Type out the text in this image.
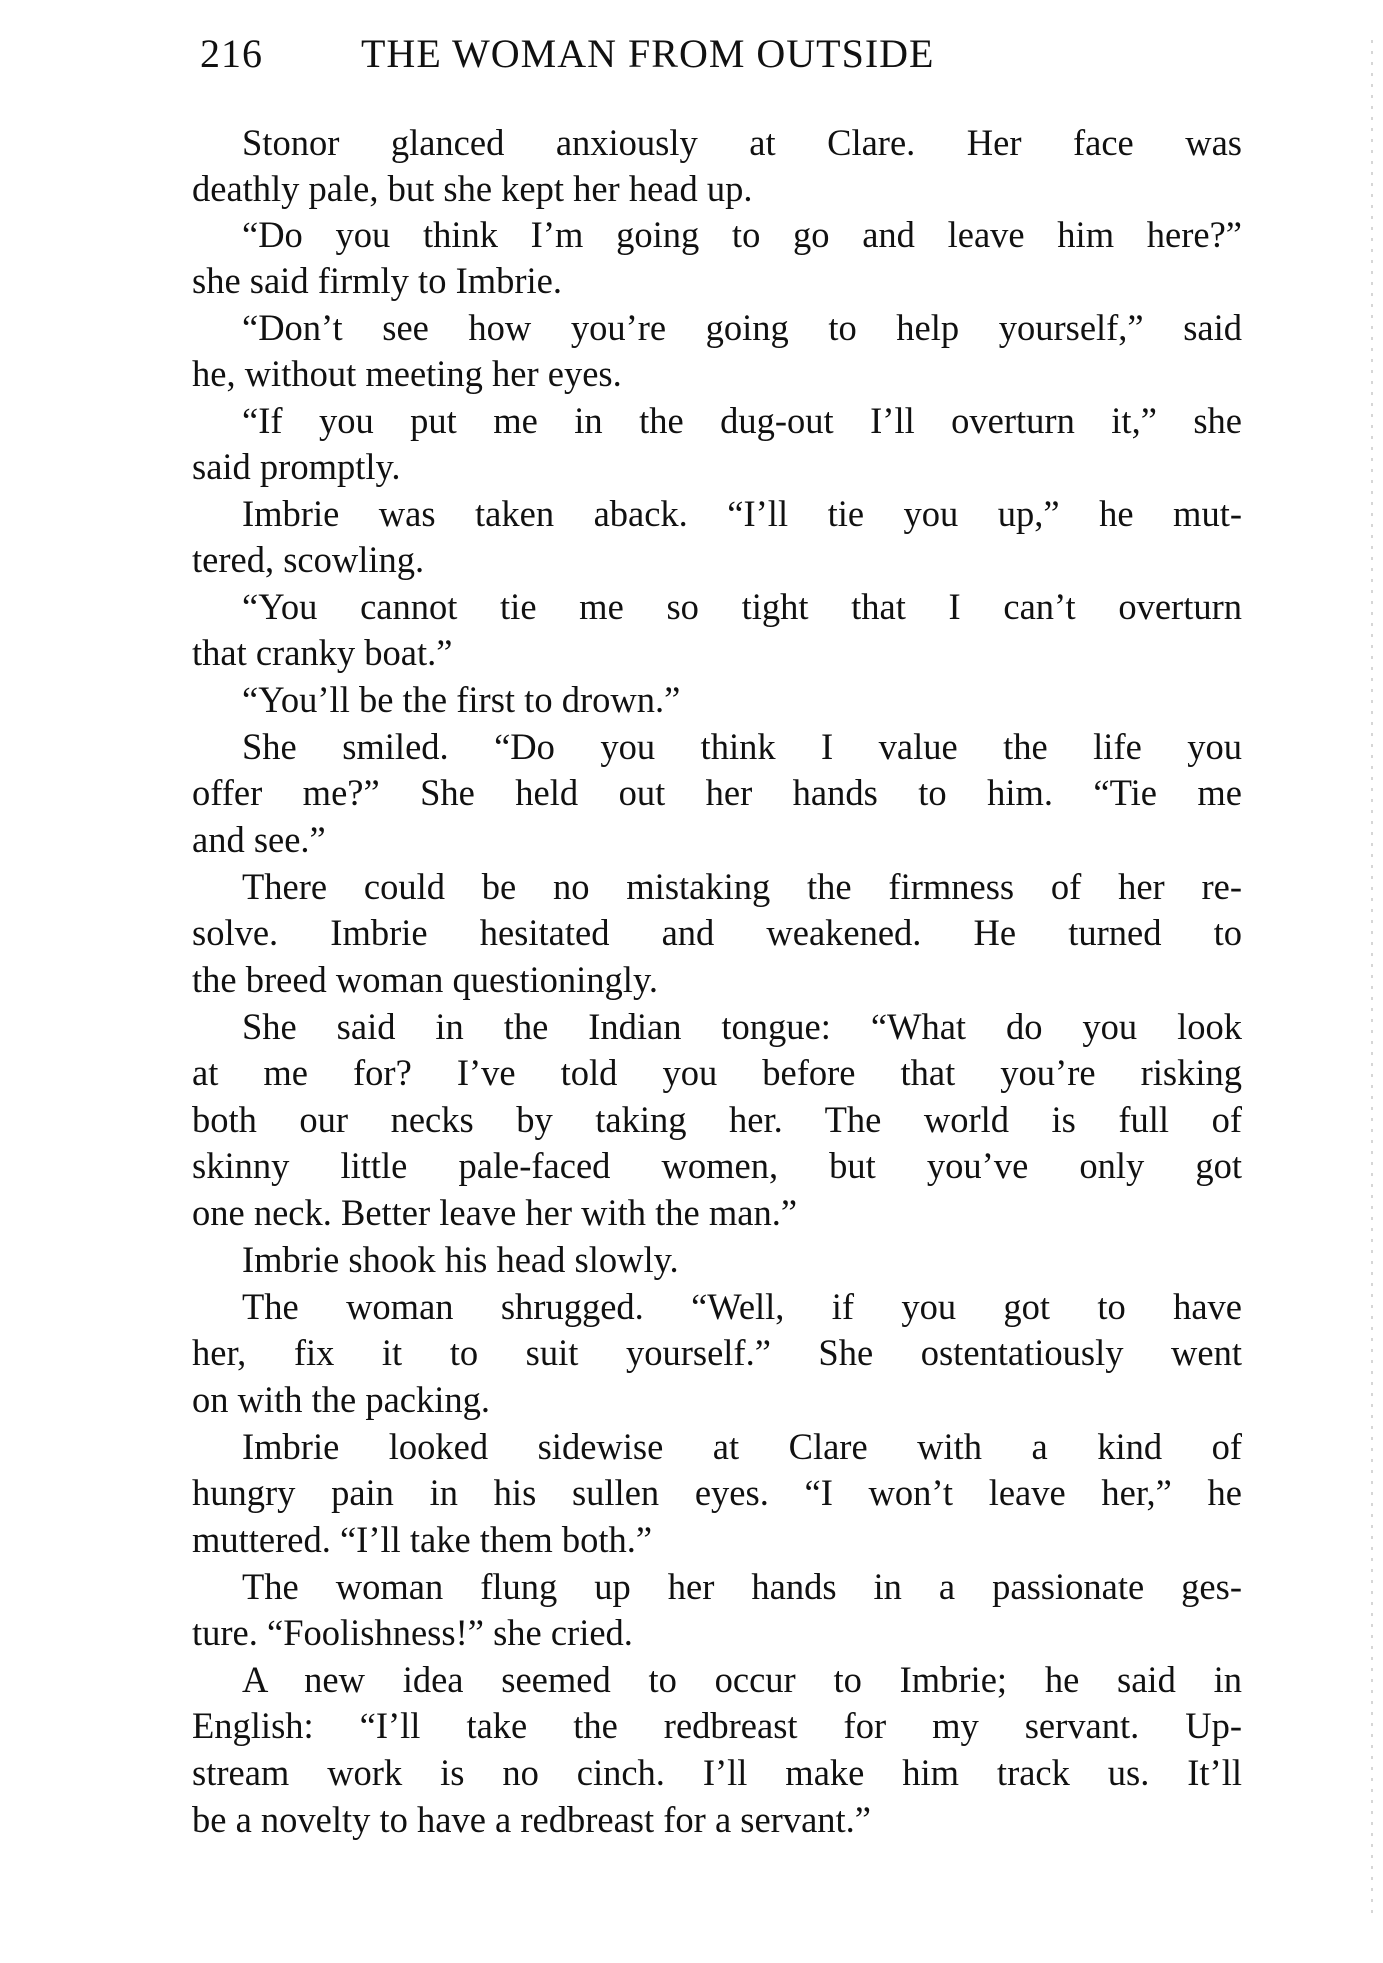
216 THE WOMAN FROM OUTSIDE
Stonor glanced anxiously at Clare. Her face was
deathly pale, but she kept her head up.
“Do you think I’m going to go and leave him here?”
she said firmly to Imbrie.
“Don’t see how you’re going to help yourself,” said
he, without meeting her eyes.
“If you put me in the dug-out I’ll overturn it,” she
said promptly.
Imbrie was taken aback. “I’ll tie you up,” he mut-
tered, scowling.
“You cannot tie me so tight that I can’t overturn
that cranky boat.”
“You’ll be the first to drown.”
She smiled. “Do you think I value the life you
offer me?” She held out her hands to him. “Tie me
and see.”
There could be no mistaking the firmness of her re-
solve. Imbrie hesitated and weakened. He turned to
the breed woman questioningly.
She said in the Indian tongue: “What do you look
at me for? I’ve told you before that you’re risking
both our necks by taking her. The world is full of
skinny little pale-faced women, but you’ve only got
one neck. Better leave her with the man.”
Imbrie shook his head slowly.
The woman shrugged. “Well, if you got to have
her, fix it to suit yourself.” She ostentatiously went
on with the packing.
Imbrie looked sidewise at Clare with a kind of
hungry pain in his sullen eyes. “I won’t leave her,” he
muttered. “I’ll take them both.”
The woman flung up her hands in a passionate ges-
ture. “Foolishness!” she cried.
A new idea seemed to occur to Imbrie; he said in
English: “I’ll take the redbreast for my servant. Up-
stream work is no cinch. I’ll make him track us. It’ll
be a novelty to have a redbreast for a servant.”
